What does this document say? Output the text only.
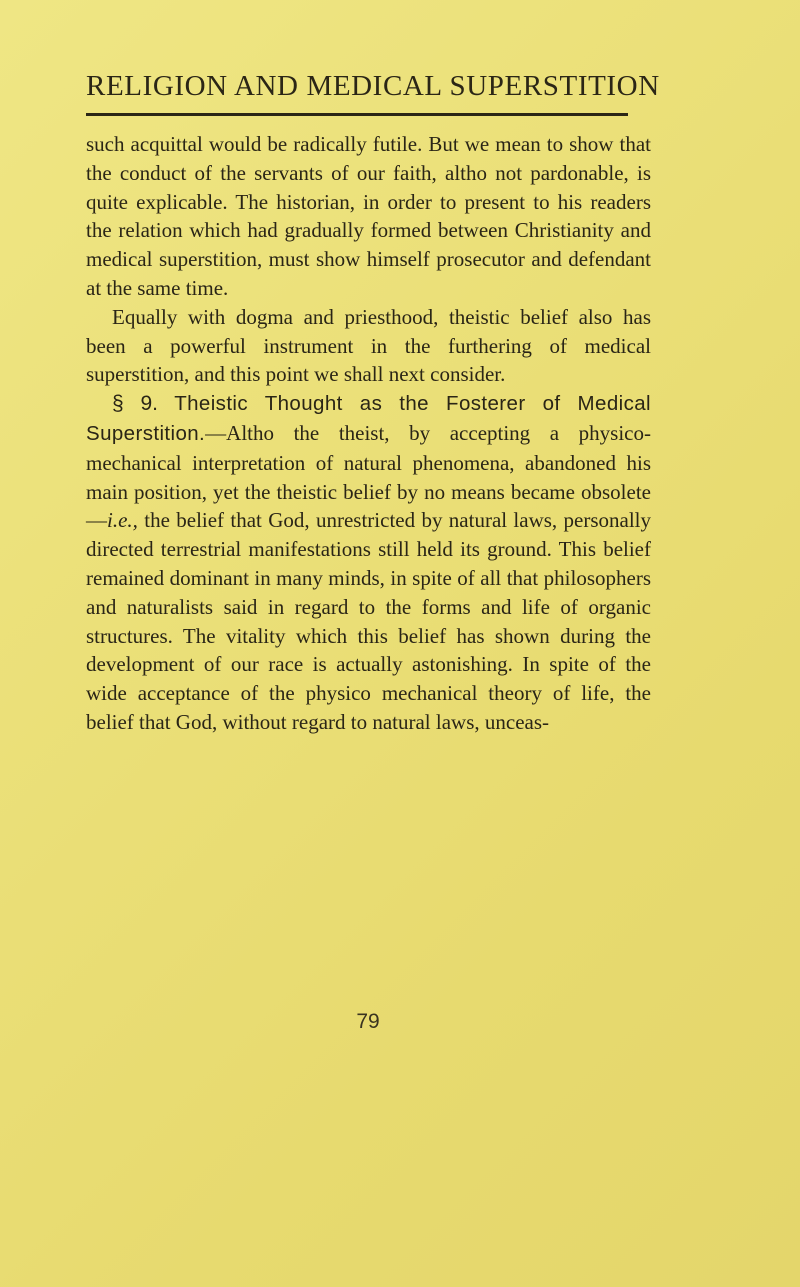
RELIGION AND MEDICAL SUPERSTITION

such acquittal would be radically futile. But we mean to show that the conduct of the servants of our faith, altho not pardonable, is quite explicable. The historian, in order to present to his readers the relation which had gradually formed between Christianity and medical superstition, must show himself prosecutor and defendant at the same time.

Equally with dogma and priesthood, theistic belief also has been a powerful instrument in the furthering of medical superstition, and this point we shall next consider.

§ 9. Theistic Thought as the Fosterer of Medical Superstition.—Altho the theist, by accepting a physico-mechanical interpretation of natural phenomena, abandoned his main position, yet the theistic belief by no means became obsolete—i.e., the belief that God, unrestricted by natural laws, personally directed terrestrial manifestations still held its ground. This belief remained dominant in many minds, in spite of all that philosophers and naturalists said in regard to the forms and life of organic structures. The vitality which this belief has shown during the development of our race is actually astonishing. In spite of the wide acceptance of the physico mechanical theory of life, the belief that God, without regard to natural laws, unceas-

79
